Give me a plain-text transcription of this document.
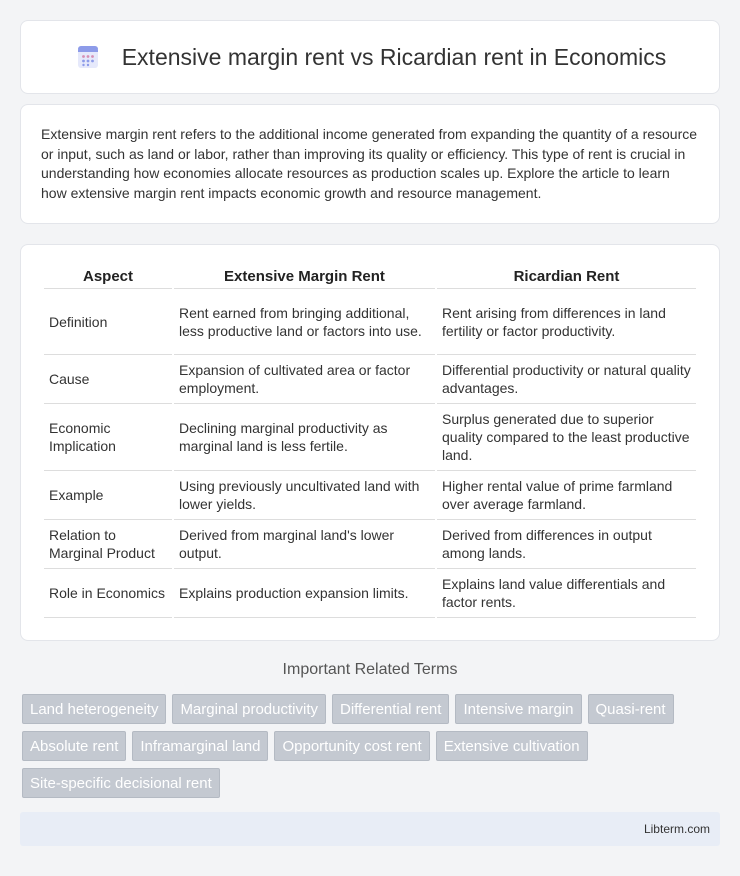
Extensive margin rent vs Ricardian rent in Economics

Extensive margin rent refers to the additional income generated from expanding the quantity of a resource or input, such as land or labor, rather than improving its quality or efficiency. This type of rent is crucial in understanding how economies allocate resources as production scales up. Explore the article to learn how extensive margin rent impacts economic growth and resource management.

Aspect	Extensive Margin Rent	Ricardian Rent
Definition	Rent earned from bringing additional, less productive land or factors into use.	Rent arising from differences in land fertility or factor productivity.
Cause	Expansion of cultivated area or factor employment.	Differential productivity or natural quality advantages.
Economic Implication	Declining marginal productivity as marginal land is less fertile.	Surplus generated due to superior quality compared to the least productive land.
Example	Using previously uncultivated land with lower yields.	Higher rental value of prime farmland over average farmland.
Relation to Marginal Product	Derived from marginal land's lower output.	Derived from differences in output among lands.
Role in Economics	Explains production expansion limits.	Explains land value differentials and factor rents.
Important Related Terms
Land heterogeneity	Marginal productivity	Differential rent	Intensive margin	Quasi-rent
Absolute rent	Inframarginal land	Opportunity cost rent	Extensive cultivation
Site-specific decisional rent
Libterm.com
